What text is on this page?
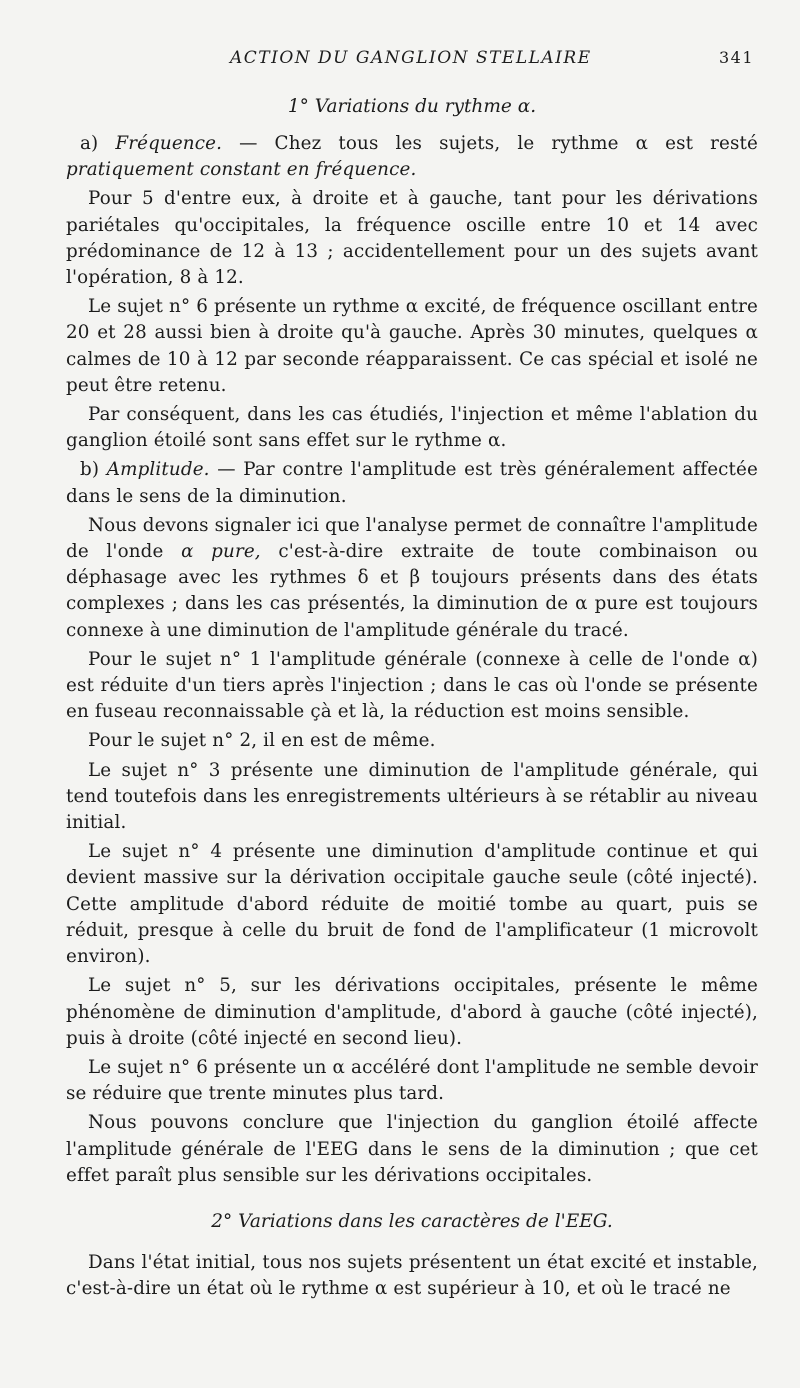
ACTION DU GANGLION STELLAIRE	341
1° Variations du rythme α.

a) Fréquence. — Chez tous les sujets, le rythme α est resté pratiquement constant en fréquence.

Pour 5 d'entre eux, à droite et à gauche, tant pour les dérivations pariétales qu'occipitales, la fréquence oscille entre 10 et 14 avec prédominance de 12 à 13 ; accidentellement pour un des sujets avant l'opération, 8 à 12.

Le sujet n° 6 présente un rythme α excité, de fréquence oscillant entre 20 et 28 aussi bien à droite qu'à gauche. Après 30 minutes, quelques α calmes de 10 à 12 par seconde réapparaissent. Ce cas spécial et isolé ne peut être retenu.

Par conséquent, dans les cas étudiés, l'injection et même l'ablation du ganglion étoilé sont sans effet sur le rythme α.

b) Amplitude. — Par contre l'amplitude est très généralement affectée dans le sens de la diminution.

Nous devons signaler ici que l'analyse permet de connaître l'amplitude de l'onde α pure, c'est-à-dire extraite de toute combinaison ou déphasage avec les rythmes δ et β toujours présents dans des états complexes ; dans les cas présentés, la diminution de α pure est toujours connexe à une diminution de l'amplitude générale du tracé.

Pour le sujet n° 1 l'amplitude générale (connexe à celle de l'onde α) est réduite d'un tiers après l'injection ; dans le cas où l'onde se présente en fuseau reconnaissable çà et là, la réduction est moins sensible.

Pour le sujet n° 2, il en est de même.

Le sujet n° 3 présente une diminution de l'amplitude générale, qui tend toutefois dans les enregistrements ultérieurs à se rétablir au niveau initial.

Le sujet n° 4 présente une diminution d'amplitude continue et qui devient massive sur la dérivation occipitale gauche seule (côté injecté). Cette amplitude d'abord réduite de moitié tombe au quart, puis se réduit, presque à celle du bruit de fond de l'amplificateur (1 microvolt environ).

Le sujet n° 5, sur les dérivations occipitales, présente le même phénomène de diminution d'amplitude, d'abord à gauche (côté injecté), puis à droite (côté injecté en second lieu).

Le sujet n° 6 présente un α accéléré dont l'amplitude ne semble devoir se réduire que trente minutes plus tard.

Nous pouvons conclure que l'injection du ganglion étoilé affecte l'amplitude générale de l'EEG dans le sens de la diminution ; que cet effet paraît plus sensible sur les dérivations occipitales.

2° Variations dans les caractères de l'EEG.

Dans l'état initial, tous nos sujets présentent un état excité et instable, c'est-à-dire un état où le rythme α est supérieur à 10, et où le tracé ne
